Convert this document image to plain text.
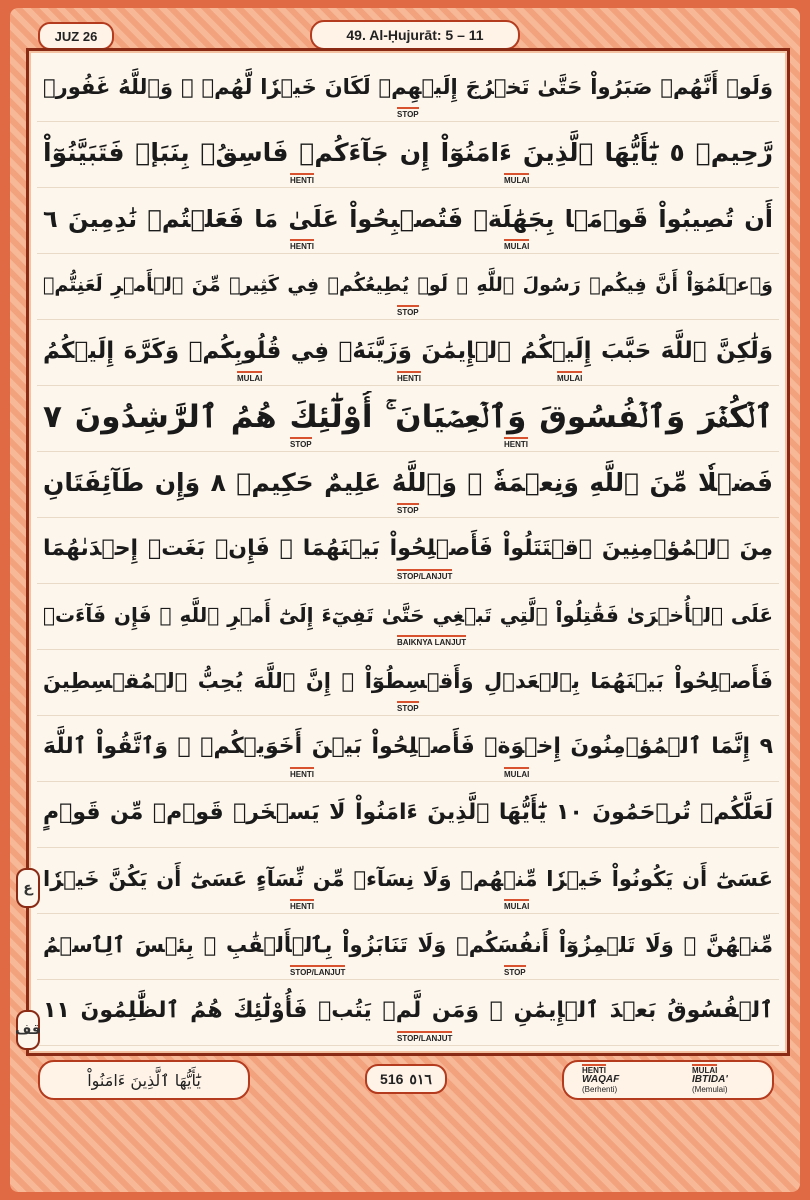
JUZ 26	49. Al-Ḥujurāt: 5 – 11
وَلَوۡ أَنَّهُمۡ صَبَرُواْ حَتَّىٰ تَخۡرُجَ إِلَيۡهِمۡ لَكَانَ خَيۡرٗا لَّهُمۡ ۚ وَٱللَّهُ غَفُورٞ
STOP
رَّحِيمٞ ٥ يَٰٓأَيُّهَا ٱلَّذِينَ ءَامَنُوٓاْ إِن جَآءَكُمۡ فَاسِقُۢ بِنَبَإٖ فَتَبَيَّنُوٓاْ
HENTI	MULAI
أَن تُصِيبُواْ قَوۡمَۢا بِجَهَٰلَةٖ فَتُصۡبِحُواْ عَلَىٰ مَا فَعَلۡتُمۡ نَٰدِمِينَ ٦
HENTI	MULAI
وَٱعۡلَمُوٓاْ أَنَّ فِيكُمۡ رَسُولَ ٱللَّهِ ۚ لَوۡ يُطِيعُكُمۡ فِي كَثِيرٖ مِّنَ ٱلۡأَمۡرِ لَعَنِتُّمۡ
STOP
وَلَٰكِنَّ ٱللَّهَ حَبَّبَ إِلَيۡكُمُ ٱلۡإِيمَٰنَ وَزَيَّنَهُۥ فِي قُلُوبِكُمۡ وَكَرَّهَ إِلَيۡكُمُ
MULAI	HENTI	MULAI
ٱلۡكُفۡرَ وَٱلۡفُسُوقَ وَٱلۡعِصۡيَانَ ۚ أُوْلَٰٓئِكَ هُمُ ٱلرَّٰشِدُونَ ٧
STOP	HENTI
فَضۡلٗا مِّنَ ٱللَّهِ وَنِعۡمَةٗ ۚ وَٱللَّهُ عَلِيمٌ حَكِيمٞ ٨ وَإِن طَآئِفَتَانِ
STOP
مِنَ ٱلۡمُؤۡمِنِينَ ٱقۡتَتَلُواْ فَأَصۡلِحُواْ بَيۡنَهُمَا ۖ فَإِنۢ بَغَتۡ إِحۡدَىٰهُمَا
STOP/LANJUT
عَلَى ٱلۡأُخۡرَىٰ فَقَٰتِلُواْ ٱلَّتِي تَبۡغِي حَتَّىٰ تَفِيٓءَ إِلَىٰٓ أَمۡرِ ٱللَّهِ ۚ فَإِن فَآءَتۡ
BAIKNYA LANJUT
فَأَصۡلِحُواْ بَيۡنَهُمَا بِٱلۡعَدۡلِ وَأَقۡسِطُوٓاْ ۖ إِنَّ ٱللَّهَ يُحِبُّ ٱلۡمُقۡسِطِينَ
STOP
٩ إِنَّمَا ٱلۡمُؤۡمِنُونَ إِخۡوَةٞ فَأَصۡلِحُواْ بَيۡنَ أَخَوَيۡكُمۡ ۚ وَٱتَّقُواْ ٱللَّهَ
HENTI	MULAI
لَعَلَّكُمۡ تُرۡحَمُونَ ١٠ يَٰٓأَيُّهَا ٱلَّذِينَ ءَامَنُواْ لَا يَسۡخَرۡ قَوۡمٞ مِّن قَوۡمٍ
عَسَىٰٓ أَن يَكُونُواْ خَيۡرٗا مِّنۡهُمۡ وَلَا نِسَآءٞ مِّن نِّسَآءٍ عَسَىٰٓ أَن يَكُنَّ خَيۡرٗا
HENTI	MULAI
مِّنۡهُنَّ ۖ وَلَا تَلۡمِزُوٓاْ أَنفُسَكُمۡ وَلَا تَنَابَزُواْ بِٱلۡأَلۡقَٰبِ ۖ بِئۡسَ ٱلِٱسۡمُ
STOP/LANJUT	STOP
ٱلۡفُسُوقُ بَعۡدَ ٱلۡإِيمَٰنِ ۚ وَمَن لَّمۡ يَتُبۡ فَأُوْلَٰٓئِكَ هُمُ ٱلظَّٰلِمُونَ ١١
STOP/LANJUT
ع
قف
يَٰٓأَيُّهَا ٱلَّذِينَ ءَامَنُواْ	516 ٥١٦	HENTI
WAQAF
(Berhenti)
MULAI
IBTIDA'
(Memulai)
